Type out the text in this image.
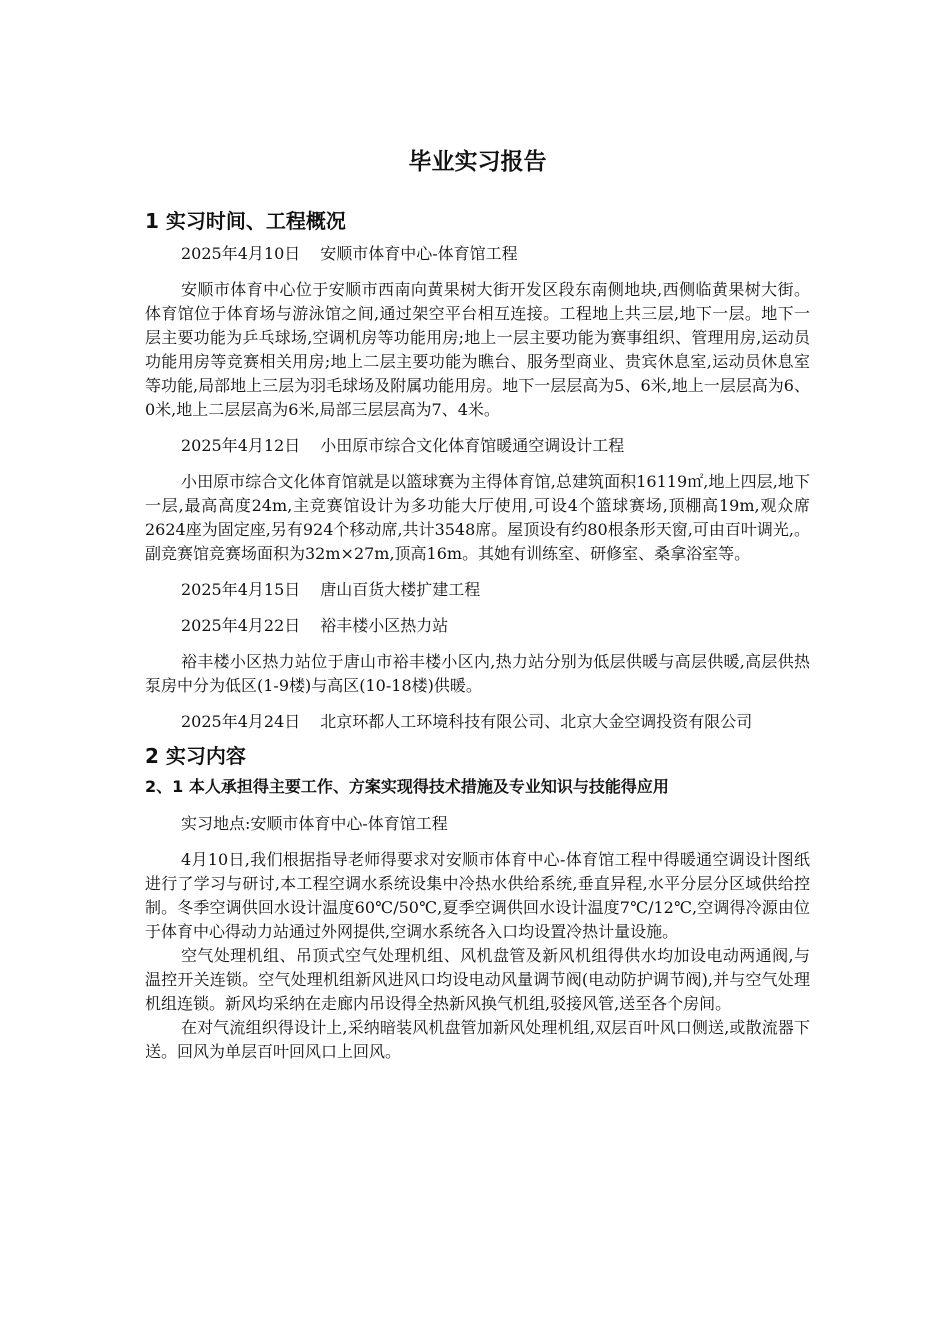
毕业实习报告
1 实习时间、工程概况

2025年4月10日 安顺市体育中心-体育馆工程

安顺市体育中心位于安顺市西南向黄果树大街开发区段东南侧地块,西侧临黄果树大街。体育馆位于体育场与游泳馆之间,通过架空平台相互连接。工程地上共三层,地下一层。地下一层主要功能为乒乓球场,空调机房等功能用房;地上一层主要功能为赛事组织、管理用房,运动员功能用房等竞赛相关用房;地上二层主要功能为瞧台、服务型商业、贵宾休息室,运动员休息室等功能,局部地上三层为羽毛球场及附属功能用房。地下一层层高为5、6米,地上一层层高为6、0米,地上二层层高为6米,局部三层层高为7、4米。

2025年4月12日 小田原市综合文化体育馆暖通空调设计工程

小田原市综合文化体育馆就是以篮球赛为主得体育馆,总建筑面积16119㎡,地上四层,地下一层,最高高度24m,主竞赛馆设计为多功能大厅使用,可设4个篮球赛场,顶棚高19m,观众席2624座为固定座,另有924个移动席,共计3548席。屋顶设有约80根条形天窗,可由百叶调光,。副竞赛馆竞赛场面积为32m×27m,顶高16m。其她有训练室、研修室、桑拿浴室等。

2025年4月15日 唐山百货大楼扩建工程

2025年4月22日 裕丰楼小区热力站

裕丰楼小区热力站位于唐山市裕丰楼小区内,热力站分别为低层供暖与高层供暖,高层供热泵房中分为低区(1-9楼)与高区(10-18楼)供暖。

2025年4月24日 北京环都人工环境科技有限公司、北京大金空调投资有限公司

2 实习内容
2、1 本人承担得主要工作、方案实现得技术措施及专业知识与技能得应用

实习地点:安顺市体育中心-体育馆工程

4月10日,我们根据指导老师得要求对安顺市体育中心-体育馆工程中得暖通空调设计图纸进行了学习与研讨,本工程空调水系统设集中冷热水供给系统,垂直异程,水平分层分区域供给控制。冬季空调供回水设计温度60℃/50℃,夏季空调供回水设计温度7℃/12℃,空调得冷源由位于体育中心得动力站通过外网提供,空调水系统各入口均设置冷热计量设施。

空气处理机组、吊顶式空气处理机组、风机盘管及新风机组得供水均加设电动两通阀,与温控开关连锁。空气处理机组新风进风口均设电动风量调节阀(电动防护调节阀),并与空气处理机组连锁。新风均采纳在走廊内吊设得全热新风换气机组,驳接风管,送至各个房间。

在对气流组织得设计上,采纳暗装风机盘管加新风处理机组,双层百叶风口侧送,或散流器下送。回风为单层百叶回风口上回风。
